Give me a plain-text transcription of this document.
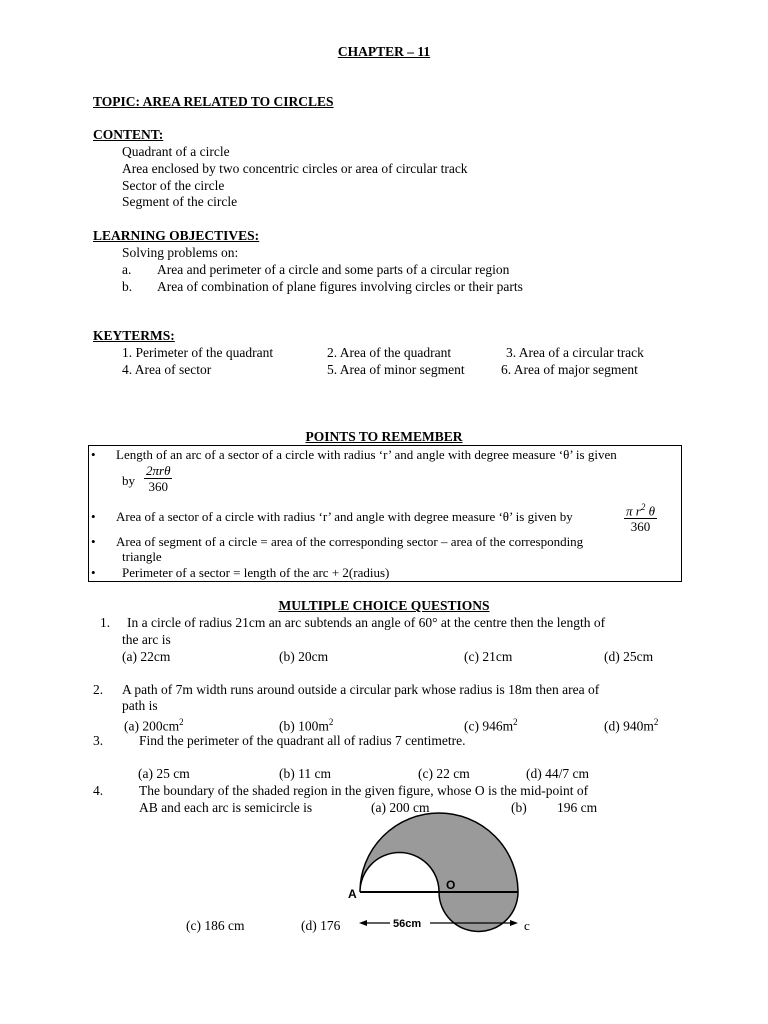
CHAPTER – 11
TOPIC: AREA RELATED TO CIRCLES
CONTENT:
Quadrant of a circle
Area enclosed by two concentric circles or area of circular track
Sector of the circle
Segment of the circle
LEARNING OBJECTIVES:
Solving problems on:
a. Area and perimeter of a circle and some parts of a circular region
b. Area of combination of plane figures involving circles or their parts
KEYTERMS:
1. Perimeter of the quadrant	2. Area of the quadrant	3. Area of a circular track
4. Area of sector	5. Area of minor segment	6. Area of major segment
POINTS TO REMEMBER
• Length of an arc of a sector of a circle with radius ‘r’ and angle with degree measure ‘θ’ is given
by
2πrθ
360
• Area of a sector of a circle with radius ‘r’ and angle with degree measure ‘θ’ is given by	$\frac{\pi r^2 \theta}{360}$
• Area of segment of a circle = area of the corresponding sector – area of the corresponding
triangle
• Perimeter of a sector = length of the arc + 2(radius)
MULTIPLE CHOICE QUESTIONS
1. In a circle of radius 21cm an arc subtends an angle of 60° at the centre then the length of
the arc is
(a) 22cm	(b) 20cm	(c) 21cm	(d) 25cm
2. A path of 7m width runs around outside a circular park whose radius is 18m then area of
path is
(a) $200cm^2$	(b) $100m^2$	(c) $946m^2$	(d) $940m^2$
3.	Find the perimeter of the quadrant all of radius 7 centimetre.
(a) 25 cm	(b) 11 cm	(c) 22 cm	(d) 44/7 cm
4.	The boundary of the shaded region in the given figure, whose O is the mid-point of
AB and each arc is semicircle is	(a) 200 cm	(b) 196 cm
(c) 186 cm	(d) 176
A
O
56cm	c
